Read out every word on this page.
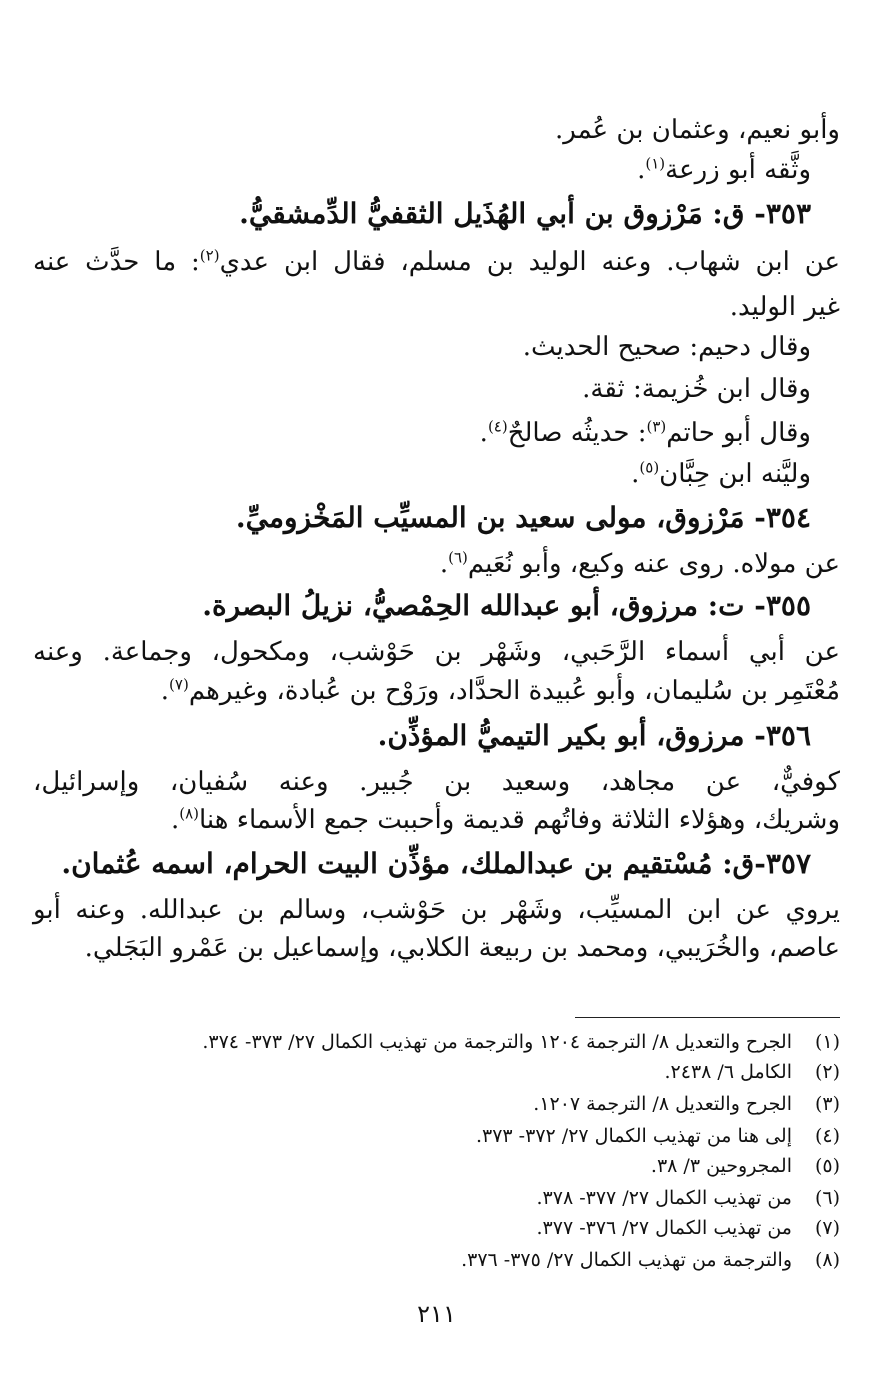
وأبو نعيم، وعثمان بن عُمر.
وثَّقه أبو زرعة$^{(١)}$.
٣٥٣- ق: مَرْزوق بن أبي الهُذَيل الثقفيُّ الدِّمشقيُّ.
عن ابن شهاب. وعنه الوليد بن مسلم، فقال ابن عدي$^{(٢)}$: ما حدَّث عنه
غير الوليد.
وقال دحيم: صحيح الحديث.
وقال ابن خُزيمة: ثقة.
وقال أبو حاتم$^{(٣)}$: حديثُه صالحٌ$^{(٤)}$.
وليَّنه ابن حِبَّان$^{(٥)}$.
٣٥٤- مَرْزوق، مولى سعيد بن المسيِّب المَخْزوميِّ.
عن مولاه. روى عنه وكيع، وأبو نُعَيم$^{(٦)}$.
٣٥٥- ت: مرزوق، أبو عبدالله الحِمْصيُّ، نزيلُ البصرة.
عن أبي أسماء الرَّحَبي، وشَهْر بن حَوْشب، ومكحول، وجماعة. وعنه
مُعْتَمِر بن سُليمان، وأبو عُبيدة الحدَّاد، ورَوْح بن عُبادة، وغيرهم$^{(٧)}$.
٣٥٦- مرزوق، أبو بكير التيميُّ المؤذِّن.
كوفيٌّ، عن مجاهد، وسعيد بن جُبير. وعنه سُفيان، وإسرائيل،
وشريك، وهؤلاء الثلاثة وفاتُهم قديمة وأحببت جمع الأسماء هنا$^{(٨)}$.
٣٥٧-ق: مُسْتقيم بن عبدالملك، مؤذِّن البيت الحرام، اسمه عُثمان.
يروي عن ابن المسيِّب، وشَهْر بن حَوْشب، وسالم بن عبدالله. وعنه أبو
عاصم، والخُرَيبي، ومحمد بن ربيعة الكلابي، وإسماعيل بن عَمْرو البَجَلي.
(١)الجرح والتعديل ٨/ الترجمة ١٢٠٤ والترجمة من تهذيب الكمال ٢٧/ ٣٧٣- ٣٧٤.
(٢)الكامل ٦/ ٢٤٣٨.
(٣)الجرح والتعديل ٨/ الترجمة ١٢٠٧.
(٤)إلى هنا من تهذيب الكمال ٢٧/ ٣٧٢- ٣٧٣.
(٥)المجروحين ٣/ ٣٨.
(٦)من تهذيب الكمال ٢٧/ ٣٧٧- ٣٧٨.
(٧)من تهذيب الكمال ٢٧/ ٣٧٦- ٣٧٧.
(٨)والترجمة من تهذيب الكمال ٢٧/ ٣٧٥- ٣٧٦.
٢١١
